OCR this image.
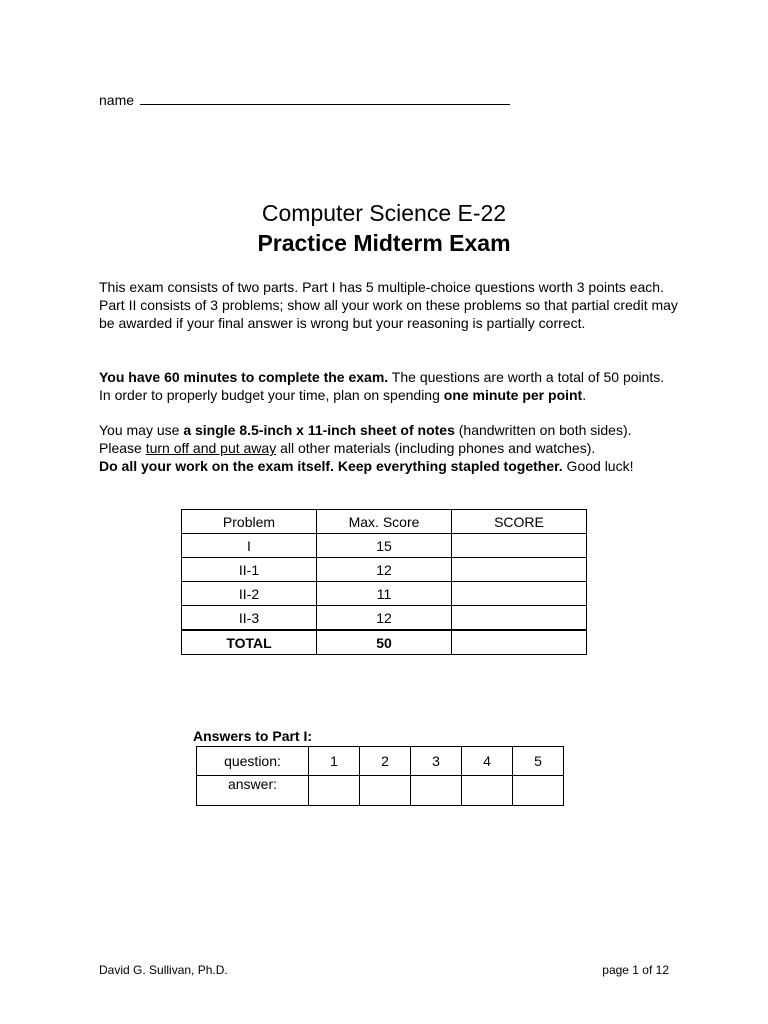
name
Computer Science E-22
Practice Midterm Exam
This exam consists of two parts. Part I has 5 multiple-choice questions worth 3 points each. Part II consists of 3 problems; show all your work on these problems so that partial credit may be awarded if your final answer is wrong but your reasoning is partially correct.
You have 60 minutes to complete the exam. The questions are worth a total of 50 points. In order to properly budget your time, plan on spending one minute per point.
You may use a single 8.5-inch x 11-inch sheet of notes (handwritten on both sides).
Please turn off and put away all other materials (including phones and watches).
Do all your work on the exam itself. Keep everything stapled together. Good luck!
Problem	Max. Score	SCORE
I	15	
II-1	12	
II-2	11	
II-3	12	
TOTAL	50	
Answers to Part I:
question:	1	2	3	4	5
answer:					
David G. Sullivan, Ph.D.	page 1 of 12
